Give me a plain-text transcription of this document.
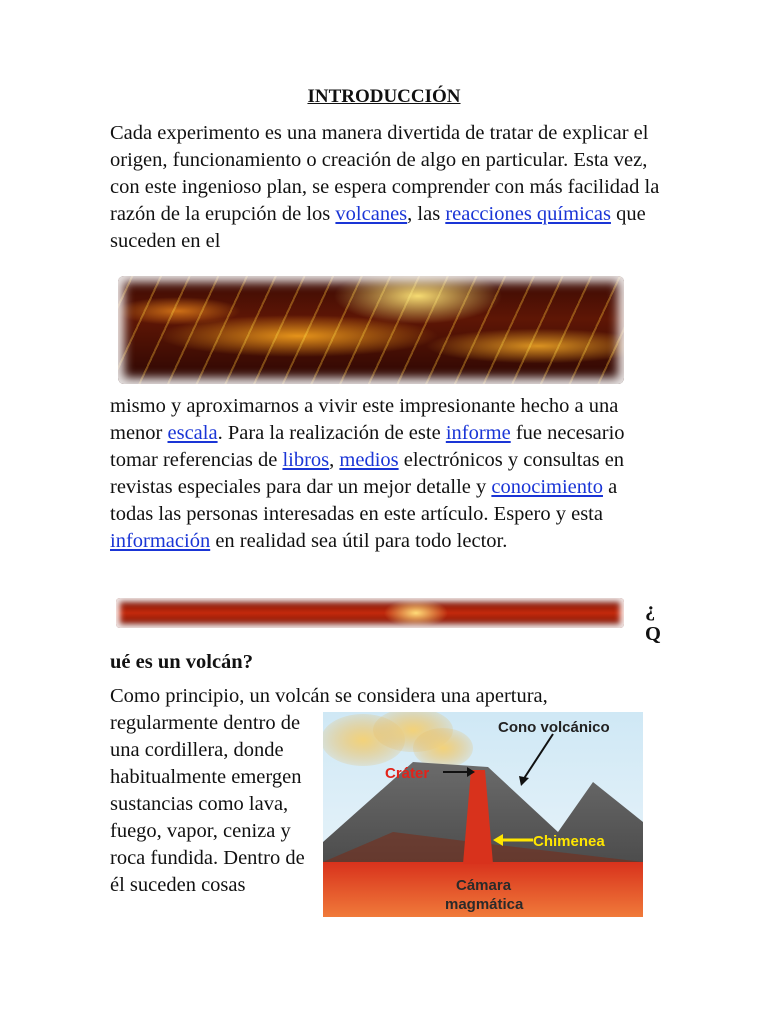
INTRODUCCIÓN

Cada experimento es una manera divertida de tratar de explicar el origen, funcionamiento o creación de algo en particular. Esta vez, con este ingenioso plan, se espera comprender con más facilidad la razón de la erupción de los volcanes, las reacciones químicas que suceden en el

mismo y aproximarnos a vivir este impresionante hecho a una menor escala. Para la realización de este informe fue necesario tomar referencias de libros, medios electrónicos y consultas en revistas especiales para dar un mejor detalle y conocimiento a todas las personas interesadas en este artículo. Espero y esta información en realidad sea útil para todo lector.

¿ Q
ué es un volcán?

Como principio, un volcán se considera una apertura,

regularmente dentro de una cordillera, donde habitualmente emergen sustancias como lava, fuego, vapor, ceniza y roca fundida. Dentro de él suceden cosas
Cono volcánico
Cráter
Chimenea
Cámara
magmática
